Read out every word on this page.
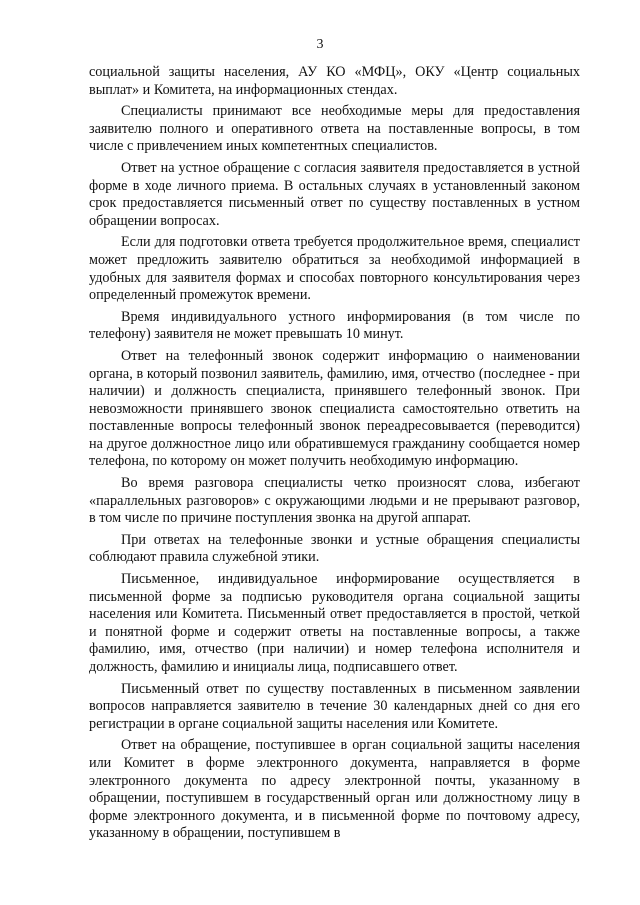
3

социальной защиты населения, АУ КО «МФЦ», ОКУ «Центр социальных выплат» и Комитета, на информационных стендах.

Специалисты принимают все необходимые меры для предоставления заявителю полного и оперативного ответа на поставленные вопросы, в том числе с привлечением иных компетентных специалистов.

Ответ на устное обращение с согласия заявителя предоставляется в устной форме в ходе личного приема. В остальных случаях в установленный законом срок предоставляется письменный ответ по существу поставленных в устном обращении вопросах.

Если для подготовки ответа требуется продолжительное время, специалист может предложить заявителю обратиться за необходимой информацией в удобных для заявителя формах и способах повторного консультирования через определенный промежуток времени.

Время индивидуального устного информирования (в том числе по телефону) заявителя не может превышать 10 минут.

Ответ на телефонный звонок содержит информацию о наименовании органа, в который позвонил заявитель, фамилию, имя, отчество (последнее - при наличии) и должность специалиста, принявшего телефонный звонок. При невозможности принявшего звонок специалиста самостоятельно ответить на поставленные вопросы телефонный звонок переадресовывается (переводится) на другое должностное лицо или обратившемуся гражданину сообщается номер телефона, по которому он может получить необходимую информацию.

Во время разговора специалисты четко произносят слова, избегают «параллельных разговоров» с окружающими людьми и не прерывают разговор, в том числе по причине поступления звонка на другой аппарат.

При ответах на телефонные звонки и устные обращения специалисты соблюдают правила служебной этики.

Письменное, индивидуальное информирование осуществляется в письменной форме за подписью руководителя органа социальной защиты населения или Комитета. Письменный ответ предоставляется в простой, четкой и понятной форме и содержит ответы на поставленные вопросы, а также фамилию, имя, отчество (при наличии) и номер телефона исполнителя и должность, фамилию и инициалы лица, подписавшего ответ.

Письменный ответ по существу поставленных в письменном заявлении вопросов направляется заявителю в течение 30 календарных дней со дня его регистрации в органе социальной защиты населения или Комитете.

Ответ на обращение, поступившее в орган социальной защиты населения или Комитет в форме электронного документа, направляется в форме электронного документа по адресу электронной почты, указанному в обращении, поступившем в государственный орган или должностному лицу в форме электронного документа, и в письменной форме по почтовому адресу, указанному в обращении, поступившем в
